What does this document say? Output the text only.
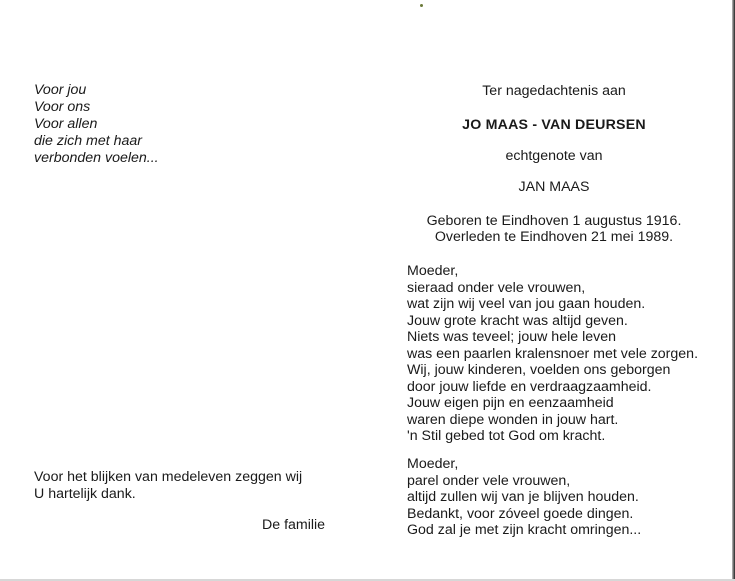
Voor jou
Voor ons
Voor allen
die zich met haar
verbonden voelen...
Ter nagedachtenis aan
JO MAAS - VAN DEURSEN
echtgenote van
JAN MAAS
Geboren te Eindhoven 1 augustus 1916.
Overleden te Eindhoven 21 mei 1989.
Moeder,
sieraad onder vele vrouwen,
wat zijn wij veel van jou gaan houden.
Jouw grote kracht was altijd geven.
Niets was teveel; jouw hele leven
was een paarlen kralensnoer met vele zorgen.
Wij, jouw kinderen, voelden ons geborgen
door jouw liefde en verdraagzaamheid.
Jouw eigen pijn en eenzaamheid
waren diepe wonden in jouw hart.
'n Stil gebed tot God om kracht.
Moeder,
parel onder vele vrouwen,
altijd zullen wij van je blijven houden.
Bedankt, voor zóveel goede dingen.
God zal je met zijn kracht omringen...
Voor het blijken van medeleven zeggen wij
U hartelijk dank.
De familie
